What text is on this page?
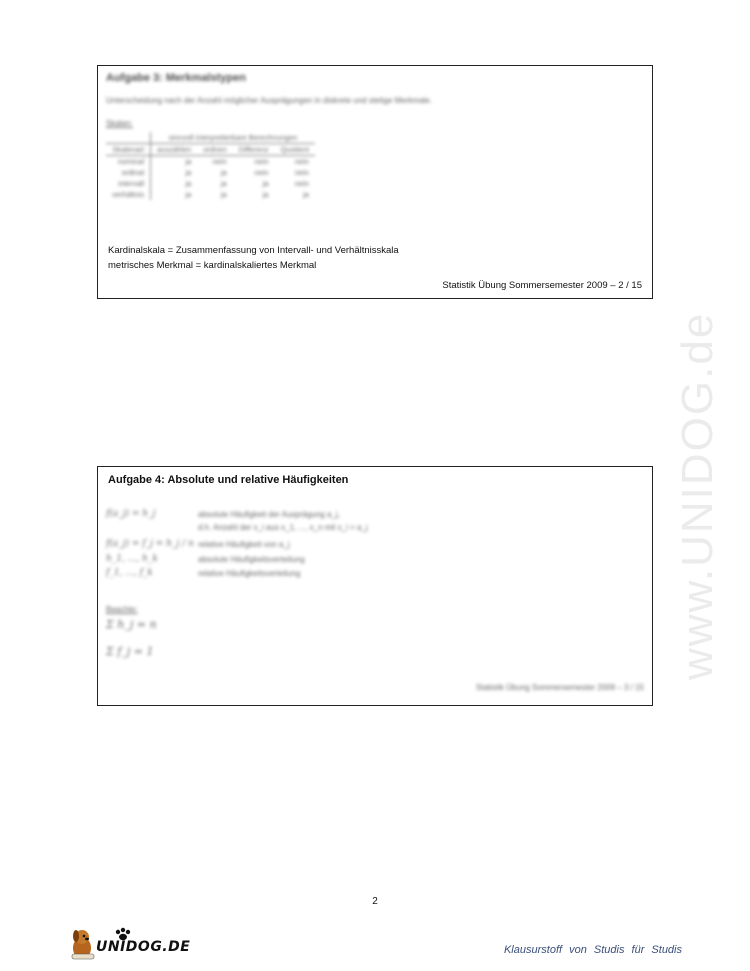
Aufgabe 3: Merkmalstypen
Unterscheidung nach der Anzahl möglicher Ausprägungen in diskrete und stetige Merkmale.
Skalen:
	sinnvoll interpretierbare Berechnungen			
Skalenart	auszählen	ordnen	Differenz	Quotient
nominal	ja	nein	nein	nein
ordinal	ja	ja	nein	nein
intervall	ja	ja	ja	nein
verhältnis	ja	ja	ja	ja
Kardinalskala = Zusammenfassung von Intervall- und Verhältnisskala
metrisches Merkmal = kardinalskaliertes Merkmal
Statistik Übung Sommersemester 2009 – 2 / 15
Aufgabe 4: Absolute und relative Häufigkeiten
f(a_j) = h_j	absolute Häufigkeit der Ausprägung a_j,
d.h. Anzahl der x_i aus x_1, ..., x_n mit x_i = a_j
f(a_j) = f_j = h_j / n relative Häufigkeit von a_j
h_1, ..., h_k	absolute Häufigkeitsverteilung
f_1, ..., f_k	relative Häufigkeitsverteilung
Beachte:
Σ h_j = n
Σ f_j = 1
Statistik Übung Sommersemester 2009 – 3 / 15
www.UNIDOG.de
2
UNIDOG.DE	Klausurstoff von Studis für Studis
